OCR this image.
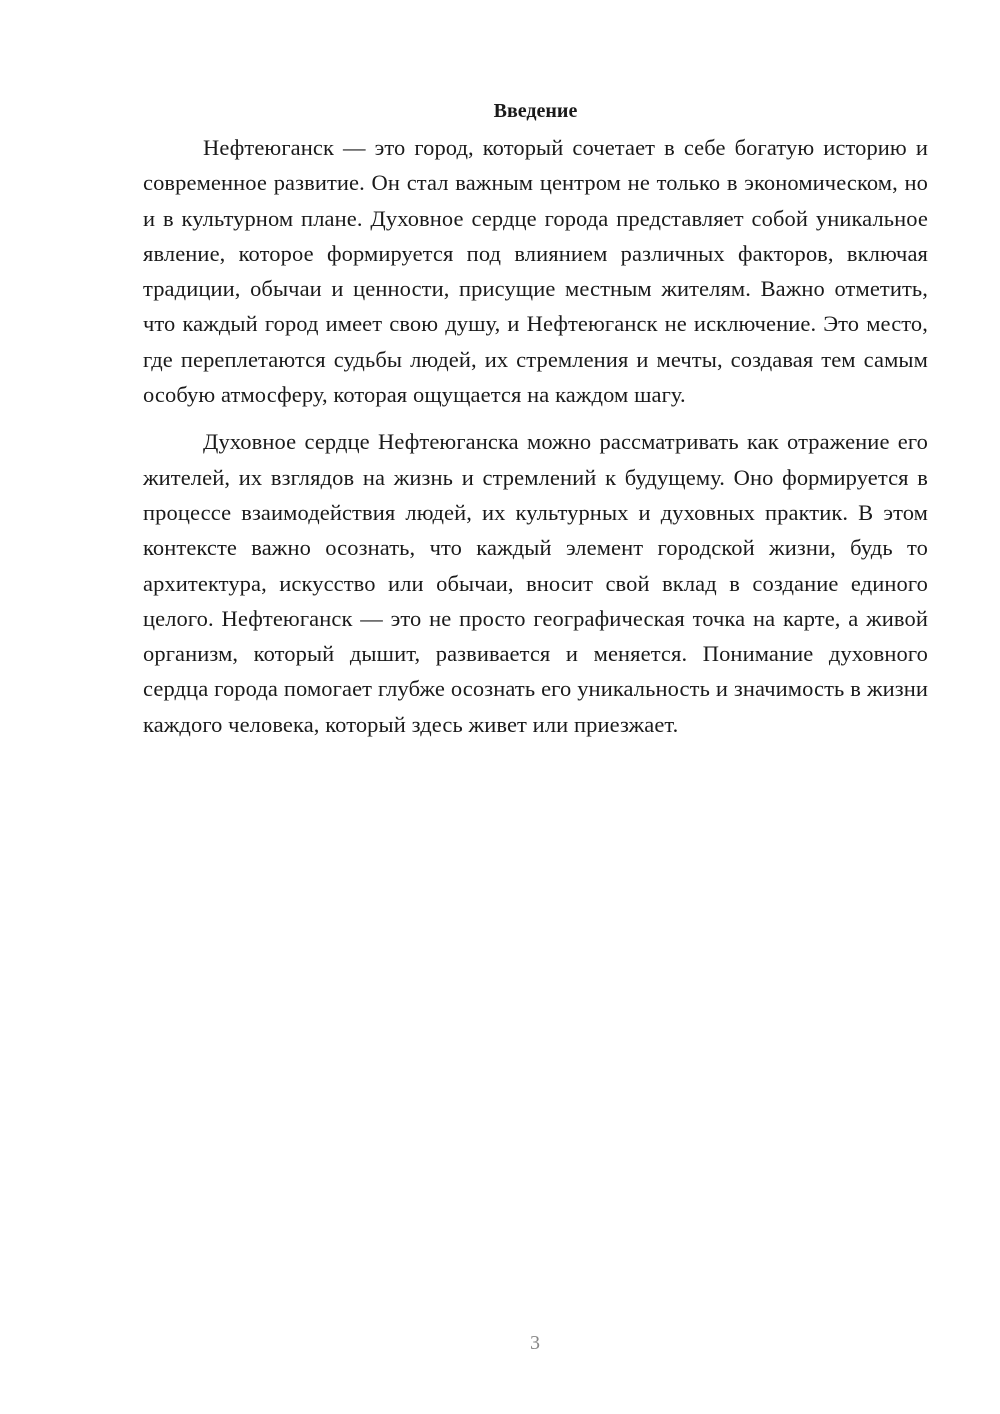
Введение

Нефтеюганск — это город, который сочетает в себе богатую историю и современное развитие. Он стал важным центром не только в экономическом, но и в культурном плане. Духовное сердце города представляет собой уникальное явление, которое формируется под влиянием различных факторов, включая традиции, обычаи и ценности, присущие местным жителям. Важно отметить, что каждый город имеет свою душу, и Нефтеюганск не исключение. Это место, где переплетаются судьбы людей, их стремления и мечты, создавая тем самым особую атмосферу, которая ощущается на каждом шагу.

Духовное сердце Нефтеюганска можно рассматривать как отражение его жителей, их взглядов на жизнь и стремлений к будущему. Оно формируется в процессе взаимодействия людей, их культурных и духовных практик. В этом контексте важно осознать, что каждый элемент городской жизни, будь то архитектура, искусство или обычаи, вносит свой вклад в создание единого целого. Нефтеюганск — это не просто географическая точка на карте, а живой организм, который дышит, развивается и меняется. Понимание духовного сердца города помогает глубже осознать его уникальность и значимость в жизни каждого человека, который здесь живет или приезжает.

3
